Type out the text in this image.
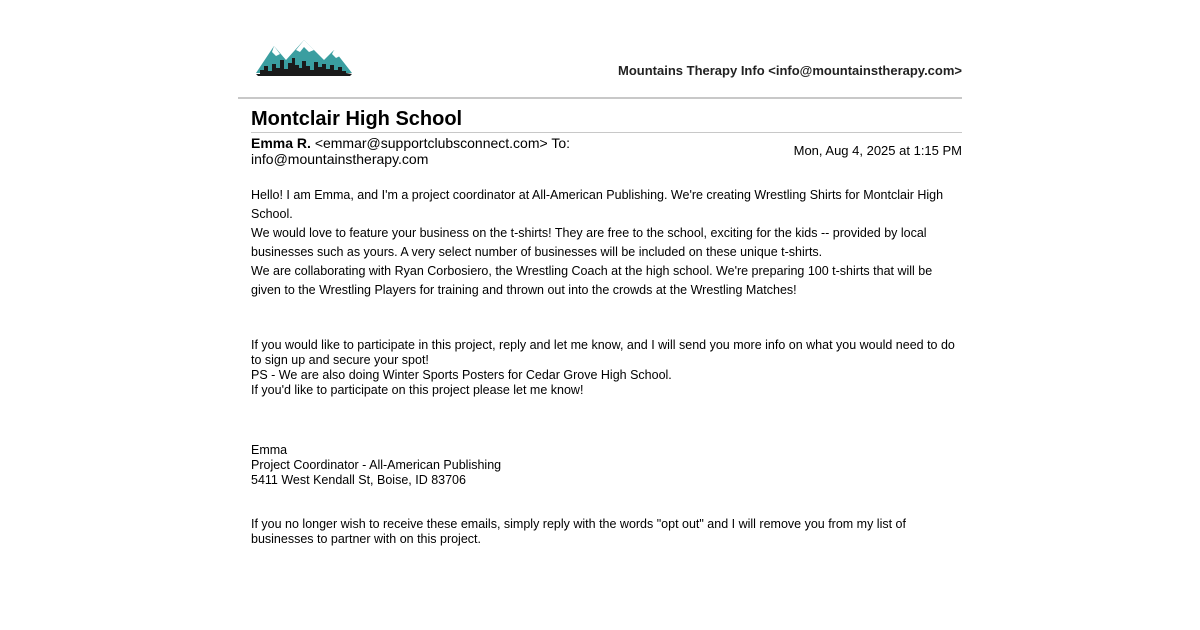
Mountains Therapy Info <info@mountainstherapy.com>
Montclair High School
Emma R. <emmar@supportclubsconnect.com> To: info@mountainstherapy.com
Mon, Aug 4, 2025 at 1:15 PM

Hello! I am Emma, and I'm a project coordinator at All-American Publishing. We're creating Wrestling Shirts for Montclair High School.

We would love to feature your business on the t-shirts! They are free to the school, exciting for the kids -- provided by local businesses such as yours. A very select number of businesses will be included on these unique t-shirts.

We are collaborating with Ryan Corbosiero, the Wrestling Coach at the high school. We're preparing 100 t-shirts that will be given to the Wrestling Players for training and thrown out into the crowds at the Wrestling Matches!

If you would like to participate in this project, reply and let me know, and I will send you more info on what you would need to do to sign up and secure your spot!

PS - We are also doing Winter Sports Posters for Cedar Grove High School.

If you'd like to participate on this project please let me know!

Emma

Project Coordinator - All-American Publishing

5411 West Kendall St, Boise, ID 83706

If you no longer wish to receive these emails, simply reply with the words "opt out" and I will remove you from my list of businesses to partner with on this project.
